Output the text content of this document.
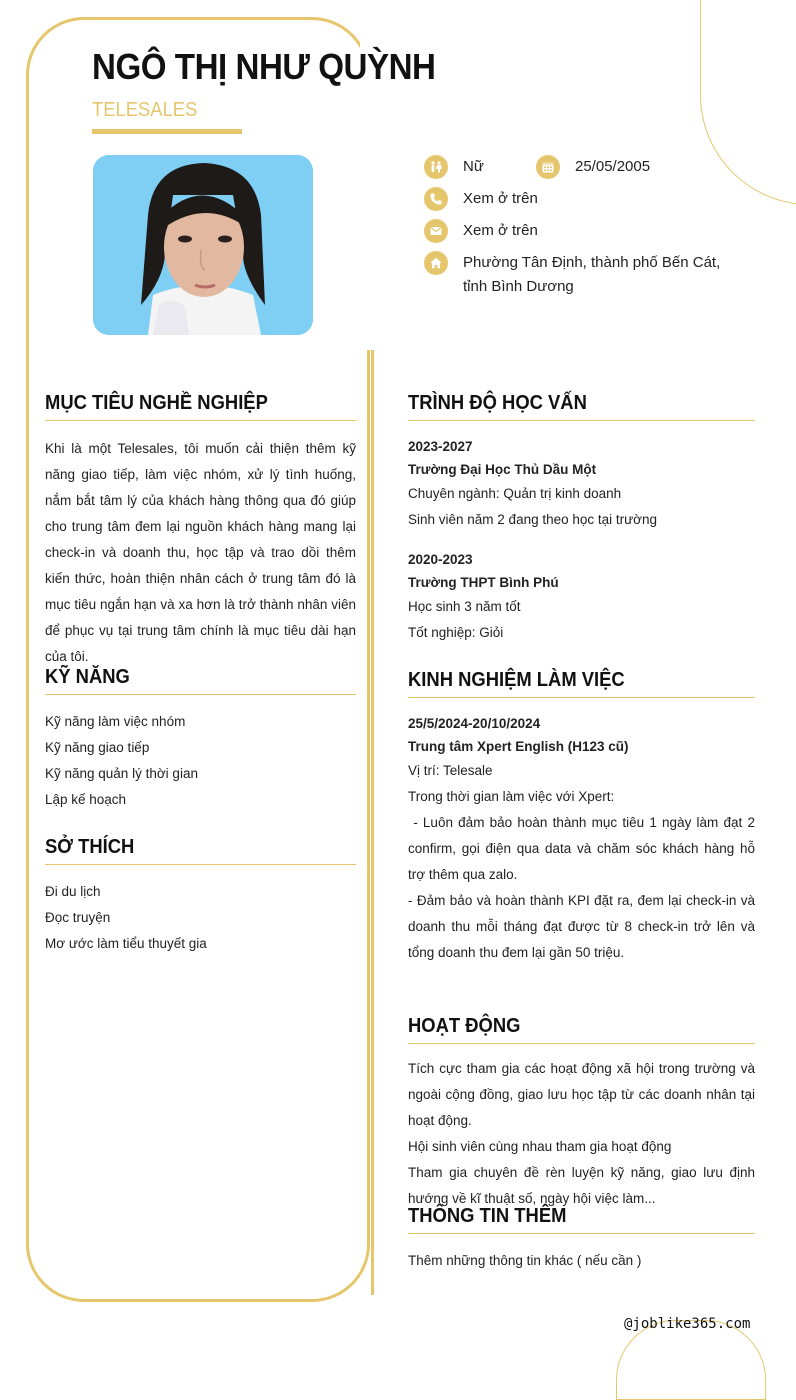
NGÔ THỊ NHƯ QUỲNH
TELESALES
Nữ	25/05/2005
Xem ở trên
Xem ở trên
Phường Tân Định, thành phố Bến Cát,
tỉnh Bình Dương
MỤC TIÊU NGHỀ NGHIỆP

Khi là một Telesales, tôi muốn cải thiện thêm kỹ năng giao tiếp, làm việc nhóm, xử lý tình huống, nắm bắt tâm lý của khách hàng thông qua đó giúp cho trung tâm đem lại nguồn khách hàng mang lại check-in và doanh thu, học tập và trao dồi thêm kiến thức, hoàn thiện nhân cách ở trung tâm đó là mục tiêu ngắn hạn và xa hơn là trở thành nhân viên để phục vụ tại trung tâm chính là mục tiêu dài hạn của tôi.

KỸ NĂNG
Kỹ năng làm việc nhóm
Kỹ năng giao tiếp
Kỹ năng quản lý thời gian
Lập kế hoạch
SỞ THÍCH
Đi du lịch
Đọc truyện
Mơ ước làm tiểu thuyết gia
TRÌNH ĐỘ HỌC VẤN
2023-2027
Trường Đại Học Thủ Dầu Một
Chuyên ngành: Quản trị kinh doanh
Sinh viên năm 2 đang theo học tại trường
2020-2023
Trường THPT Bình Phú
Học sinh 3 năm tốt
Tốt nghiệp: Giỏi
KINH NGHIỆM LÀM VIỆC
25/5/2024-20/10/2024
Trung tâm Xpert English (H123 cũ)
Vị trí: Telesale
Trong thời gian làm việc với Xpert:
- Luôn đảm bảo hoàn thành mục tiêu 1 ngày làm đạt 2 confirm, gọi điện qua data và chăm sóc khách hàng hỗ trợ thêm qua zalo.
- Đảm bảo và hoàn thành KPI đặt ra, đem lại check-in và doanh thu mỗi tháng đạt được từ 8 check-in trở lên và tổng doanh thu đem lại gần 50 triệu.
HOẠT ĐỘNG
Tích cực tham gia các hoạt động xã hội trong trường và ngoài cộng đồng, giao lưu học tập từ các doanh nhân tại hoạt động.
Hội sinh viên cùng nhau tham gia hoạt động
Tham gia chuyên đề rèn luyện kỹ năng, giao lưu định hướng về kĩ thuật số, ngày hội việc làm...
THÔNG TIN THÊM
Thêm những thông tin khác ( nếu cần )
@joblike365.com
